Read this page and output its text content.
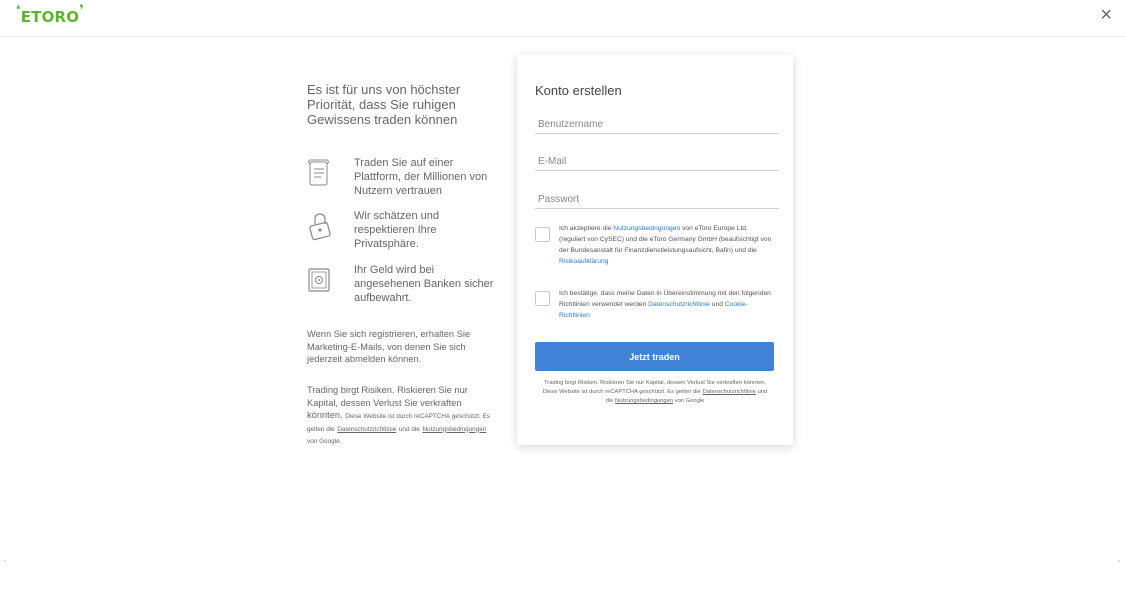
❛etoro❜	×

Es ist für uns von höchster Priorität, dass Sie ruhigen Gewissens traden können

Traden Sie auf einer Plattform, der Millionen von Nutzern vertrauen
Wir schätzen und respektieren Ihre Privatsphäre.
Ihr Geld wird bei angesehenen Banken sicher aufbewahrt.
Wenn Sie sich registrieren, erhalten Sie Marketing-E-Mails, von denen Sie sich jederzeit abmelden können.
Trading birgt Risiken. Riskieren Sie nur Kapital, dessen Verlust Sie verkraften könnten. Diese Website ist durch reCAPTCHA geschützt. Es gelten die Datenschutzrichtlinie und die Nutzungsbedingungen von Google.
Konto erstellen
Benutzername
E-Mail
Ich akzeptiere die Nutzungsbedingungen von eToro Europe Ltd. (reguliert von CySEC) und die eToro Germany GmbH (beaufsichtigt von der Bundesanstalt für Finanzdienstleistungsaufsicht, Bafin) und die Risikoaufklärung
Ich bestätige, dass meine Daten in Übereinstimmung mit den folgenden Richtlinien verwendet werden Datenschutzrichtlinie und Cookie-Richtlinien
Jetzt traden
Trading birgt Risiken. Riskieren Sie nur Kapital, dessen Verlust Sie verkraften könnten. Diese Website ist durch reCAPTCHA geschützt. Es gelten die Datenschutzrichtlinie und die Nutzungsbedingungen von Google
